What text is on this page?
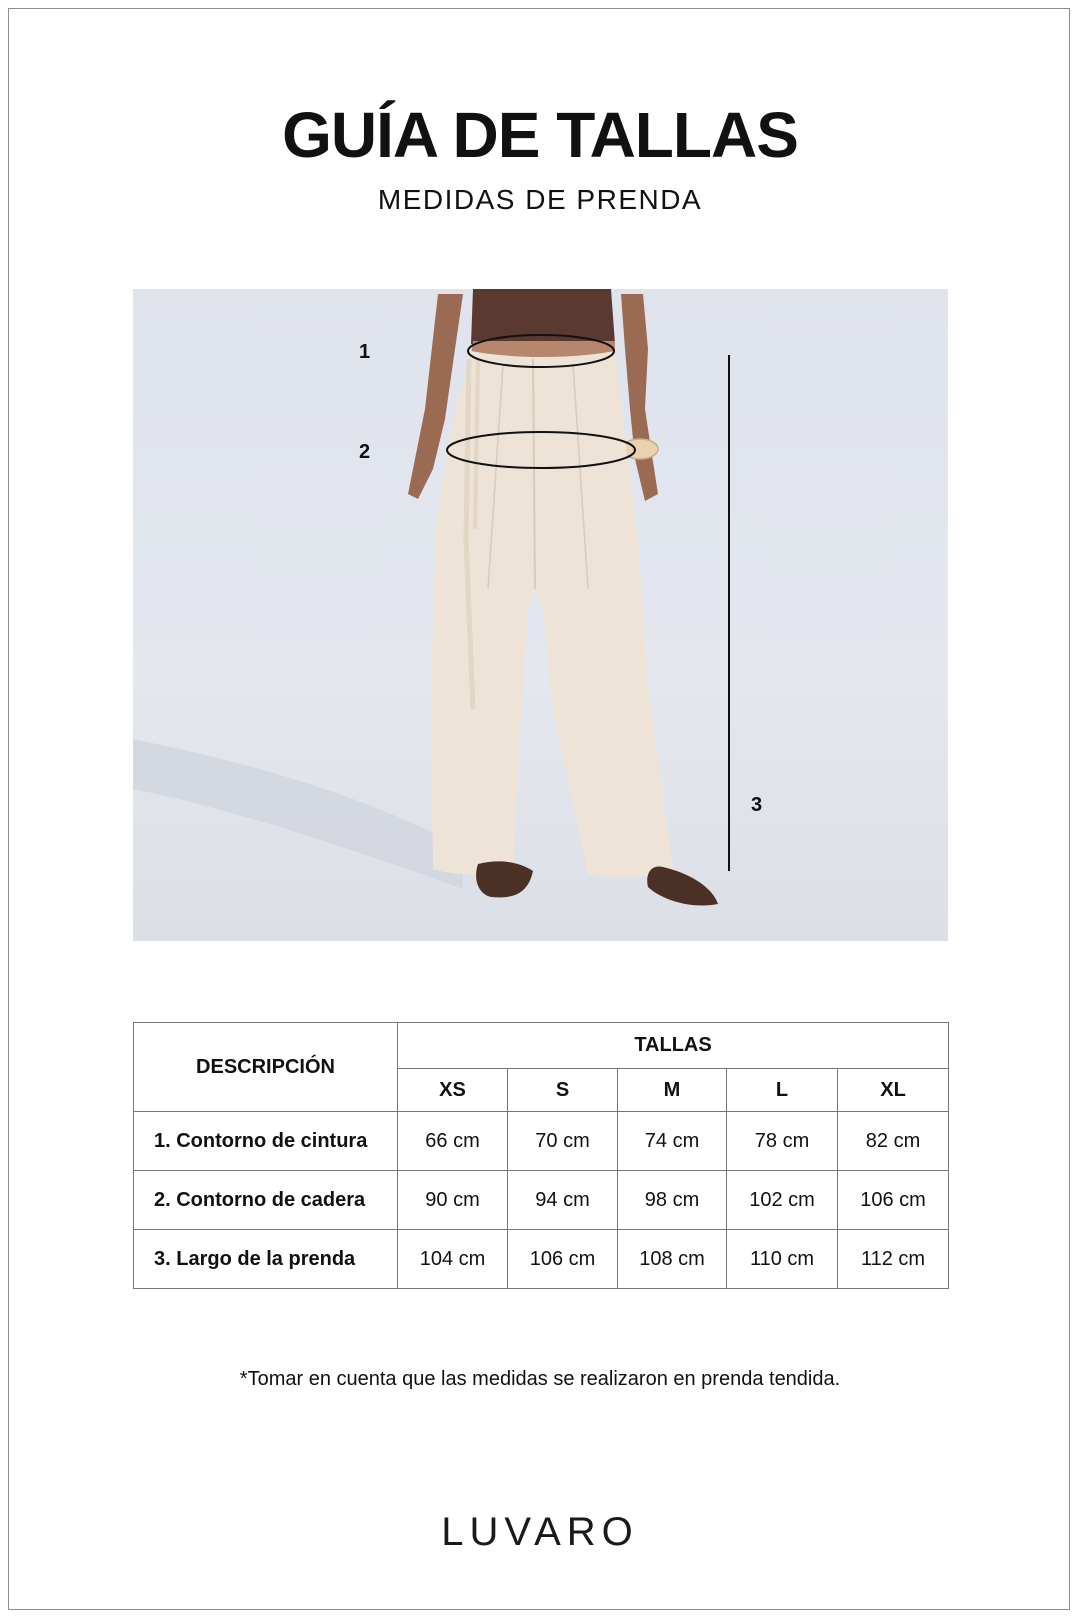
GUÍA DE TALLAS

MEDIDAS DE PRENDA

1
2
3
DESCRIPCIÓN	TALLAS				
	XS	S	M	L	XL
1. Contorno de cintura	66 cm	70 cm	74 cm	78 cm	82 cm
2. Contorno de cadera	90 cm	94 cm	98 cm	102 cm	106 cm
3. Largo de la prenda	104 cm	106 cm	108 cm	110 cm	112 cm

*Tomar en cuenta que las medidas se realizaron en prenda tendida.

LUVARO
